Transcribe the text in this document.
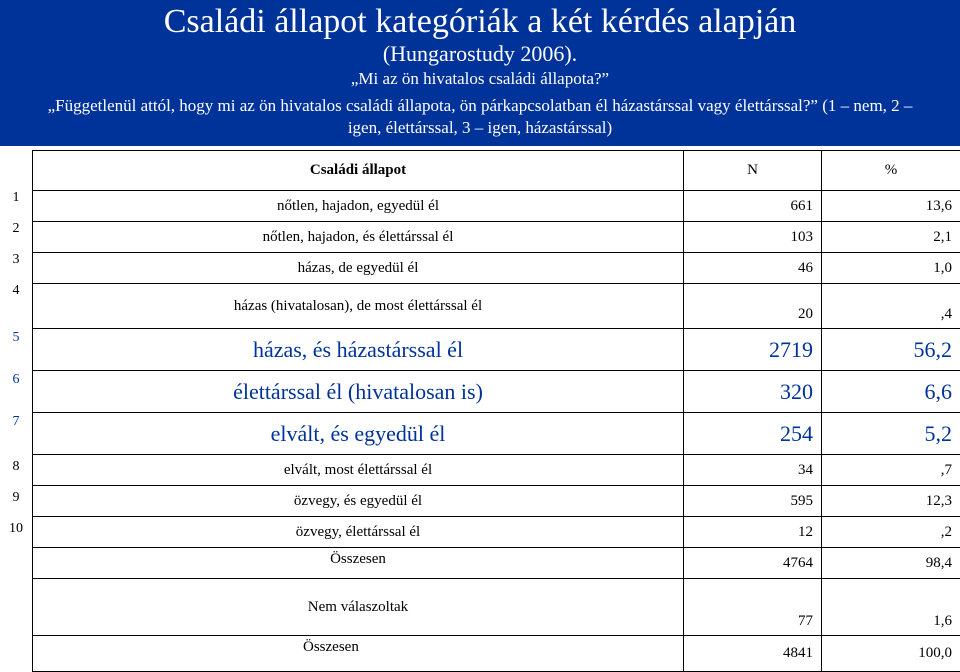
Családi állapot kategóriák a két kérdés alapján
(Hungarostudy 2006).
„Mi az ön hivatalos családi állapota?”
„Függetlenül attól, hogy mi az ön hivatalos családi állapota, ön párkapcsolatban él házastárssal vagy élettárssal?” (1 – nem, 2 –
igen, élettárssal, 3 – igen, házastárssal)
1
2
3
4
5
6
7
8
9
10
Családi állapot	N	%
nőtlen, hajadon, egyedül él	661	13,6
nőtlen, hajadon, és élettárssal él	103	2,1
házas, de egyedül él	46	1,0
házas (hivatalosan), de most élettárssal él	20	,4
házas, és házastárssal él	2719	56,2
élettárssal él (hivatalosan is)	320	6,6
elvált, és egyedül él	254	5,2
elvált, most élettárssal él	34	,7
özvegy, és egyedül él	595	12,3
özvegy, élettárssal él	12	,2
Összesen	4764	98,4
Nem válaszoltak	77	1,6
Összesen	4841	100,0
